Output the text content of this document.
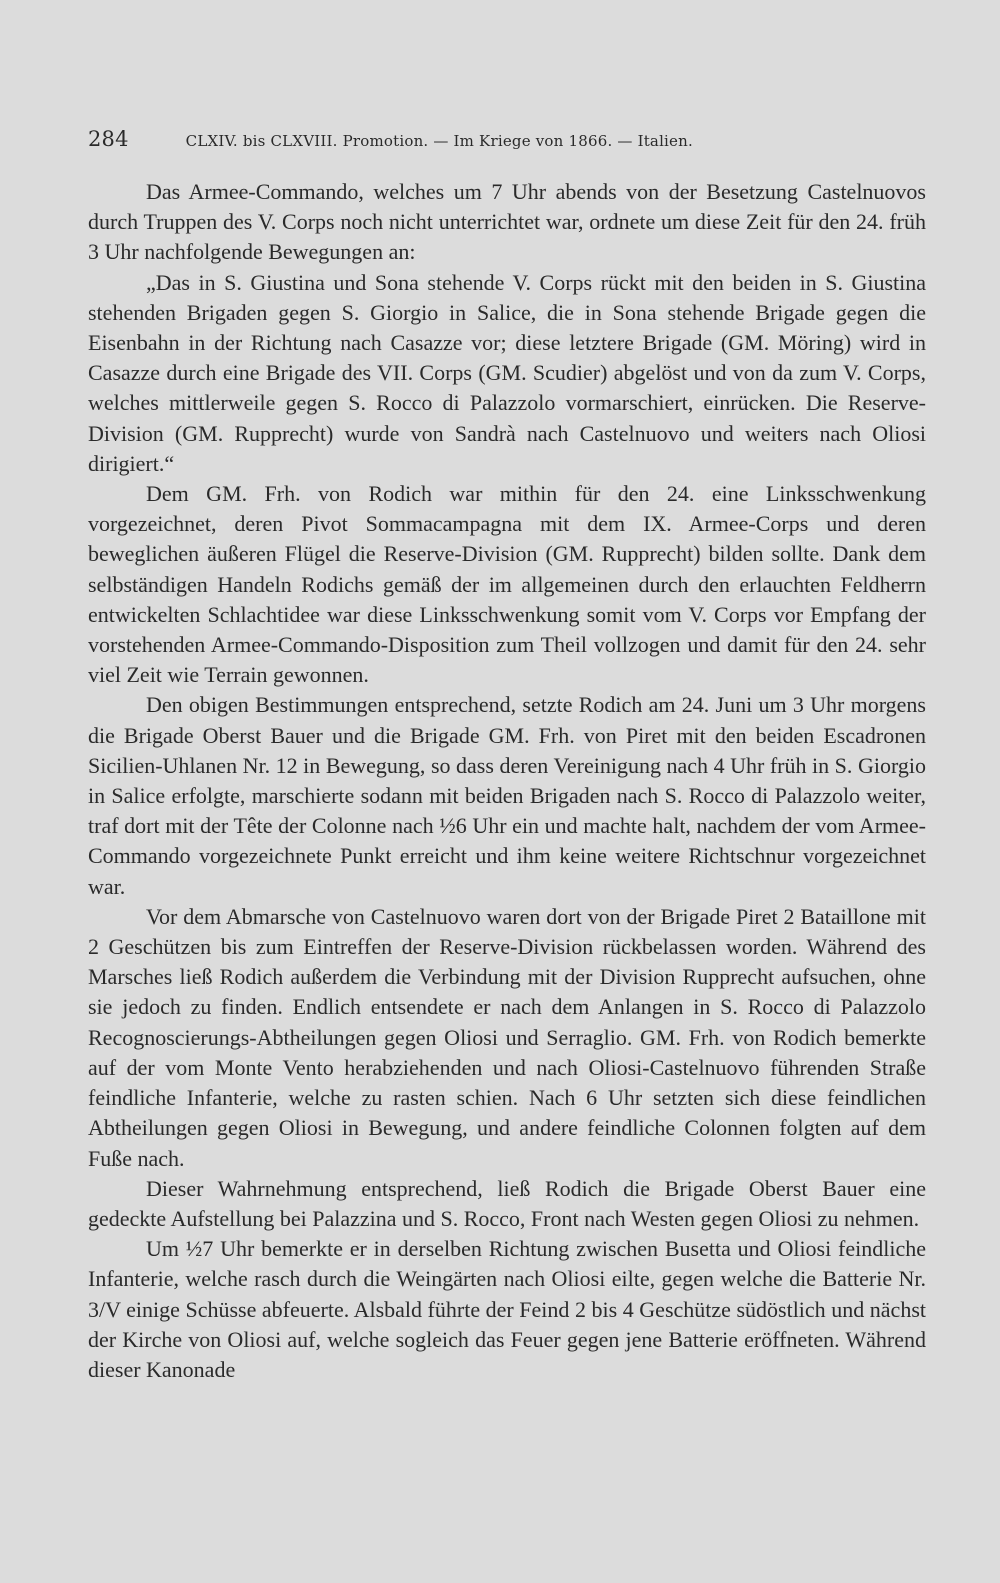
284	CLXIV. bis CLXVIII. Promotion. — Im Kriege von 1866. — Italien.

Das Armee-Commando, welches um 7 Uhr abends von der Besetzung Castelnuovos durch Truppen des V. Corps noch nicht unterrichtet war, ordnete um diese Zeit für den 24. früh 3 Uhr nachfolgende Bewegungen an:

„Das in S. Giustina und Sona stehende V. Corps rückt mit den beiden in S. Giustina stehenden Brigaden gegen S. Giorgio in Salice, die in Sona stehende Brigade gegen die Eisenbahn in der Richtung nach Casazze vor; diese letztere Brigade (GM. Möring) wird in Casazze durch eine Brigade des VII. Corps (GM. Scudier) abgelöst und von da zum V. Corps, welches mittlerweile gegen S. Rocco di Palazzolo vormarschiert, einrücken. Die Reserve-Division (GM. Rupprecht) wurde von Sandrà nach Castelnuovo und weiters nach Oliosi dirigiert.“

Dem GM. Frh. von Rodich war mithin für den 24. eine Linksschwenkung vorgezeichnet, deren Pivot Sommacampagna mit dem IX. Armee-Corps und deren beweglichen äußeren Flügel die Reserve-Division (GM. Rupprecht) bilden sollte. Dank dem selbständigen Handeln Rodichs gemäß der im allgemeinen durch den erlauchten Feldherrn entwickelten Schlachtidee war diese Linksschwenkung somit vom V. Corps vor Empfang der vorstehenden Armee-Commando-Disposition zum Theil vollzogen und damit für den 24. sehr viel Zeit wie Terrain gewonnen.

Den obigen Bestimmungen entsprechend, setzte Rodich am 24. Juni um 3 Uhr morgens die Brigade Oberst Bauer und die Brigade GM. Frh. von Piret mit den beiden Escadronen Sicilien-Uhlanen Nr. 12 in Bewegung, so dass deren Vereinigung nach 4 Uhr früh in S. Giorgio in Salice erfolgte, marschierte sodann mit beiden Brigaden nach S. Rocco di Palazzolo weiter, traf dort mit der Tête der Colonne nach ½6 Uhr ein und machte halt, nachdem der vom Armee-Commando vorgezeichnete Punkt erreicht und ihm keine weitere Richtschnur vorgezeichnet war.

Vor dem Abmarsche von Castelnuovo waren dort von der Brigade Piret 2 Bataillone mit 2 Geschützen bis zum Eintreffen der Reserve-Division rückbelassen worden. Während des Marsches ließ Rodich außerdem die Verbindung mit der Division Rupprecht aufsuchen, ohne sie jedoch zu finden. Endlich entsendete er nach dem Anlangen in S. Rocco di Palazzolo Recognoscierungs-Abtheilungen gegen Oliosi und Serraglio. GM. Frh. von Rodich bemerkte auf der vom Monte Vento herabziehenden und nach Oliosi-Castelnuovo führenden Straße feindliche Infanterie, welche zu rasten schien. Nach 6 Uhr setzten sich diese feindlichen Abtheilungen gegen Oliosi in Bewegung, und andere feindliche Colonnen folgten auf dem Fuße nach.

Dieser Wahrnehmung entsprechend, ließ Rodich die Brigade Oberst Bauer eine gedeckte Aufstellung bei Palazzina und S. Rocco, Front nach Westen gegen Oliosi zu nehmen.

Um ½7 Uhr bemerkte er in derselben Richtung zwischen Busetta und Oliosi feindliche Infanterie, welche rasch durch die Weingärten nach Oliosi eilte, gegen welche die Batterie Nr. 3/V einige Schüsse abfeuerte. Alsbald führte der Feind 2 bis 4 Geschütze südöstlich und nächst der Kirche von Oliosi auf, welche sogleich das Feuer gegen jene Batterie eröffneten. Während dieser Kanonade
